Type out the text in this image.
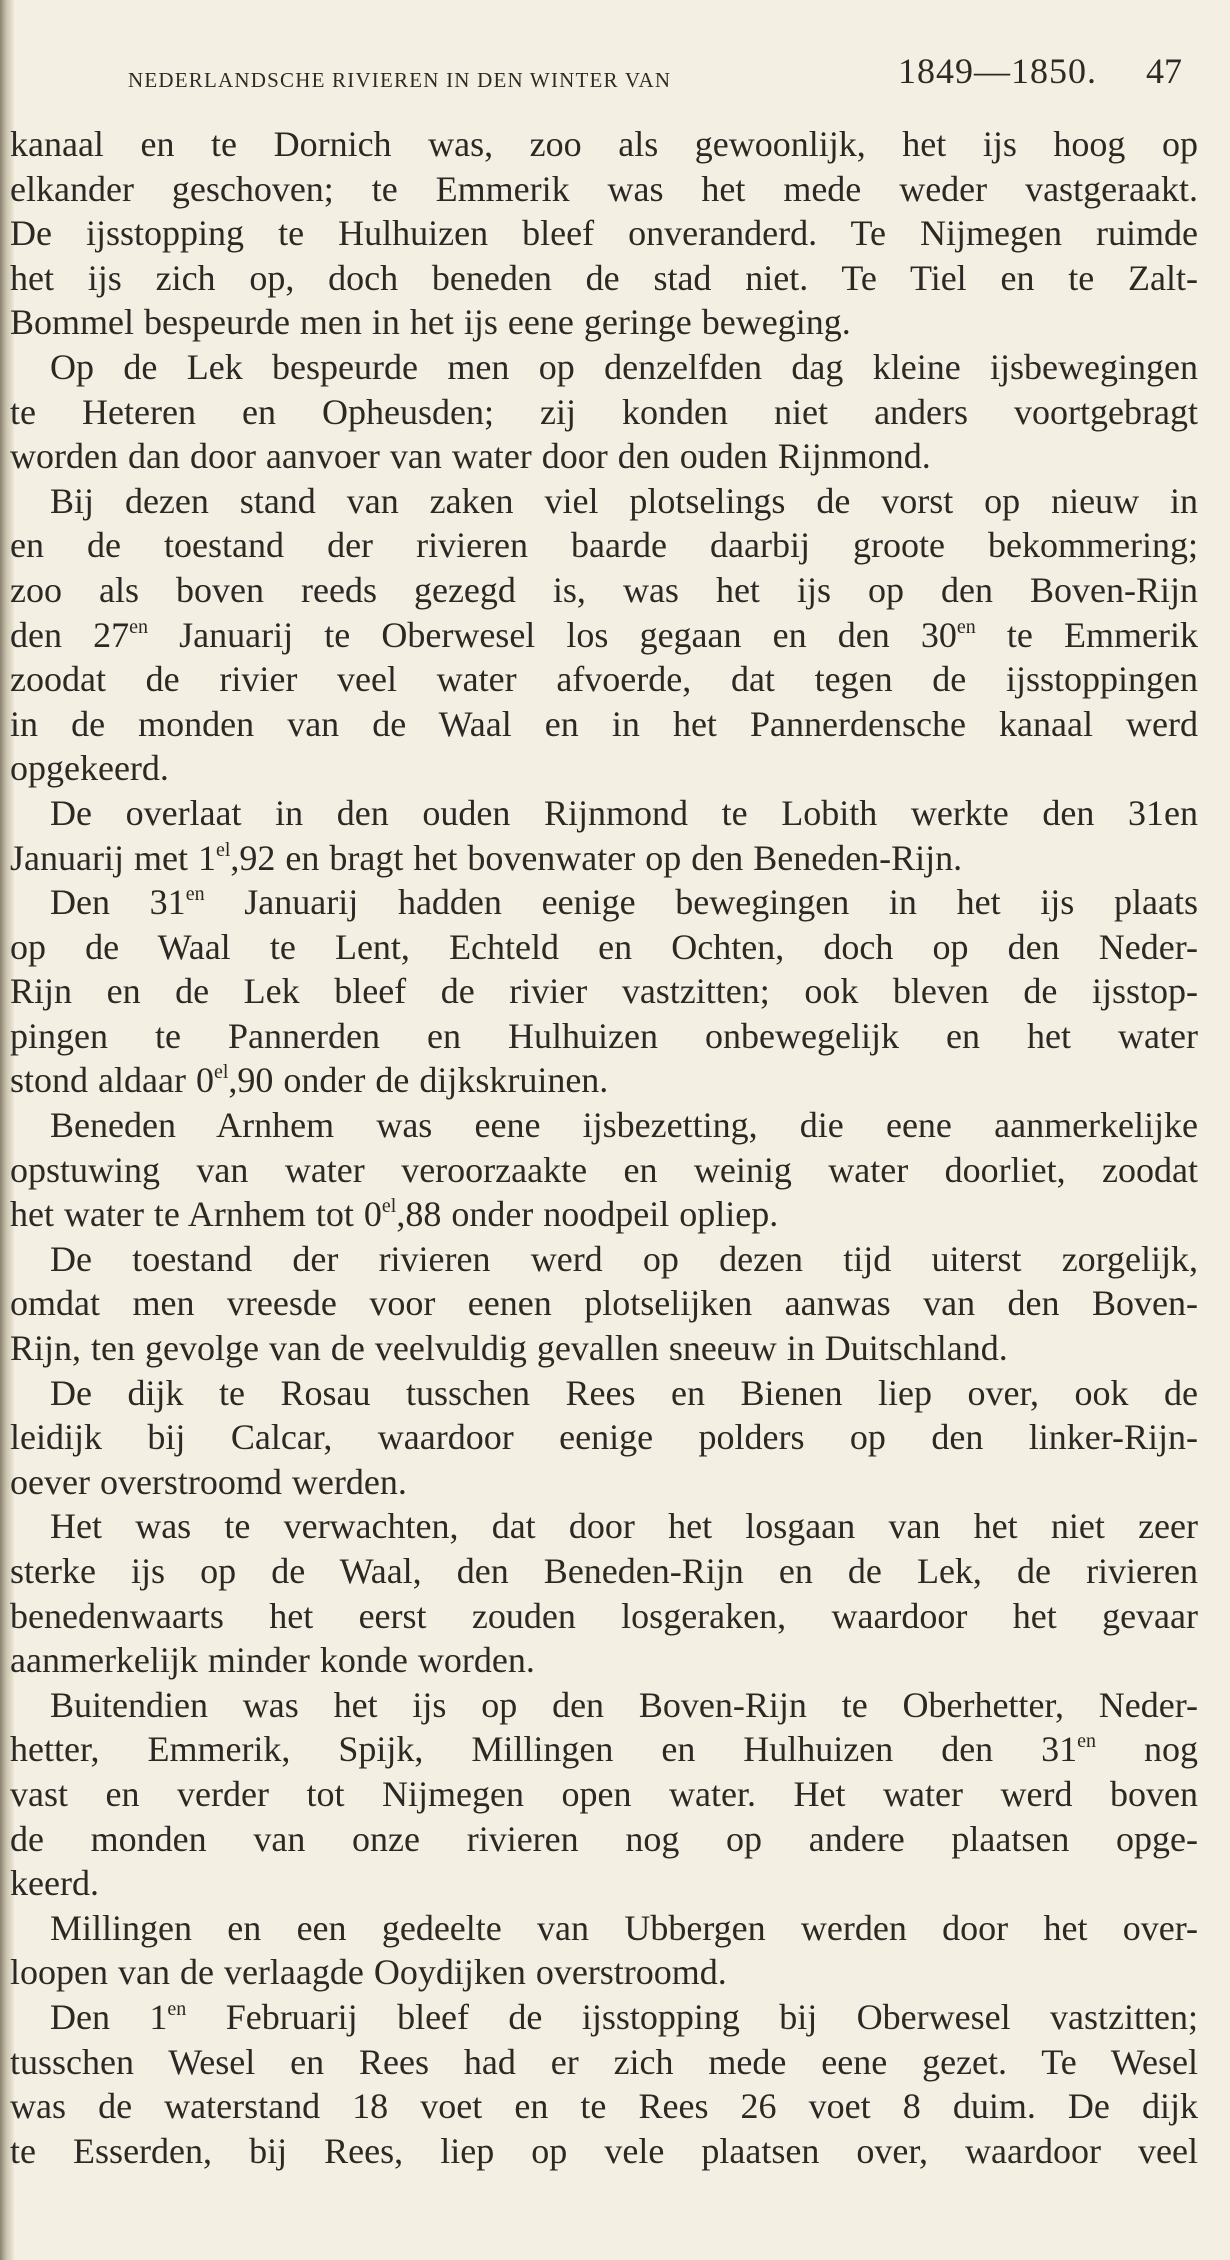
NEDERLANDSCHE RIVIEREN IN DEN WINTER VAN	1849—1850. 47
kanaal en te Dornich was, zoo als gewoonlijk, het ijs hoog op
elkander geschoven; te Emmerik was het mede weder vastgeraakt.
De ijsstopping te Hulhuizen bleef onveranderd. Te Nijmegen ruimde
het ijs zich op, doch beneden de stad niet. Te Tiel en te Zalt-
Bommel bespeurde men in het ijs eene geringe beweging.
Op de Lek bespeurde men op denzelfden dag kleine ijsbewegingen
te Heteren en Opheusden; zij konden niet anders voortgebragt
worden dan door aanvoer van water door den ouden Rijnmond.
Bij dezen stand van zaken viel plotselings de vorst op nieuw in
en de toestand der rivieren baarde daarbij groote bekommering;
zoo als boven reeds gezegd is, was het ijs op den Boven-Rijn
den $27^{en}$ Januarij te Oberwesel los gegaan en den $30^{en}$ te Emmerik
zoodat de rivier veel water afvoerde, dat tegen de ijsstoppingen
in de monden van de Waal en in het Pannerdensche kanaal werd
opgekeerd.
De overlaat in den ouden Rijnmond te Lobith werkte den 31en
Januarij met $1^{el},92$ en bragt het bovenwater op den Beneden-Rijn.
Den $31^{en}$ Januarij hadden eenige bewegingen in het ijs plaats
op de Waal te Lent, Echteld en Ochten, doch op den Neder-
Rijn en de Lek bleef de rivier vastzitten; ook bleven de ijsstop-
pingen te Pannerden en Hulhuizen onbewegelijk en het water
stond aldaar $0^{el},90$ onder de dijkskruinen.
Beneden Arnhem was eene ijsbezetting, die eene aanmerkelijke
opstuwing van water veroorzaakte en weinig water doorliet, zoodat
het water te Arnhem tot $0^{el},88$ onder noodpeil opliep.
De toestand der rivieren werd op dezen tijd uiterst zorgelijk,
omdat men vreesde voor eenen plotselijken aanwas van den Boven-
Rijn, ten gevolge van de veelvuldig gevallen sneeuw in Duitschland.
De dijk te Rosau tusschen Rees en Bienen liep over, ook de
leidijk bij Calcar, waardoor eenige polders op den linker-Rijn-
oever overstroomd werden.
Het was te verwachten, dat door het losgaan van het niet zeer
sterke ijs op de Waal, den Beneden-Rijn en de Lek, de rivieren
benedenwaarts het eerst zouden losgeraken, waardoor het gevaar
aanmerkelijk minder konde worden.
Buitendien was het ijs op den Boven-Rijn te Oberhetter, Neder-
hetter, Emmerik, Spijk, Millingen en Hulhuizen den $31^{en}$ nog
vast en verder tot Nijmegen open water. Het water werd boven
de monden van onze rivieren nog op andere plaatsen opge-
keerd.
Millingen en een gedeelte van Ubbergen werden door het over-
loopen van de verlaagde Ooydijken overstroomd.
Den $1^{en}$ Februarij bleef de ijsstopping bij Oberwesel vastzitten;
tusschen Wesel en Rees had er zich mede eene gezet. Te Wesel
was de waterstand 18 voet en te Rees 26 voet 8 duim. De dijk
te Esserden, bij Rees, liep op vele plaatsen over, waardoor veel
